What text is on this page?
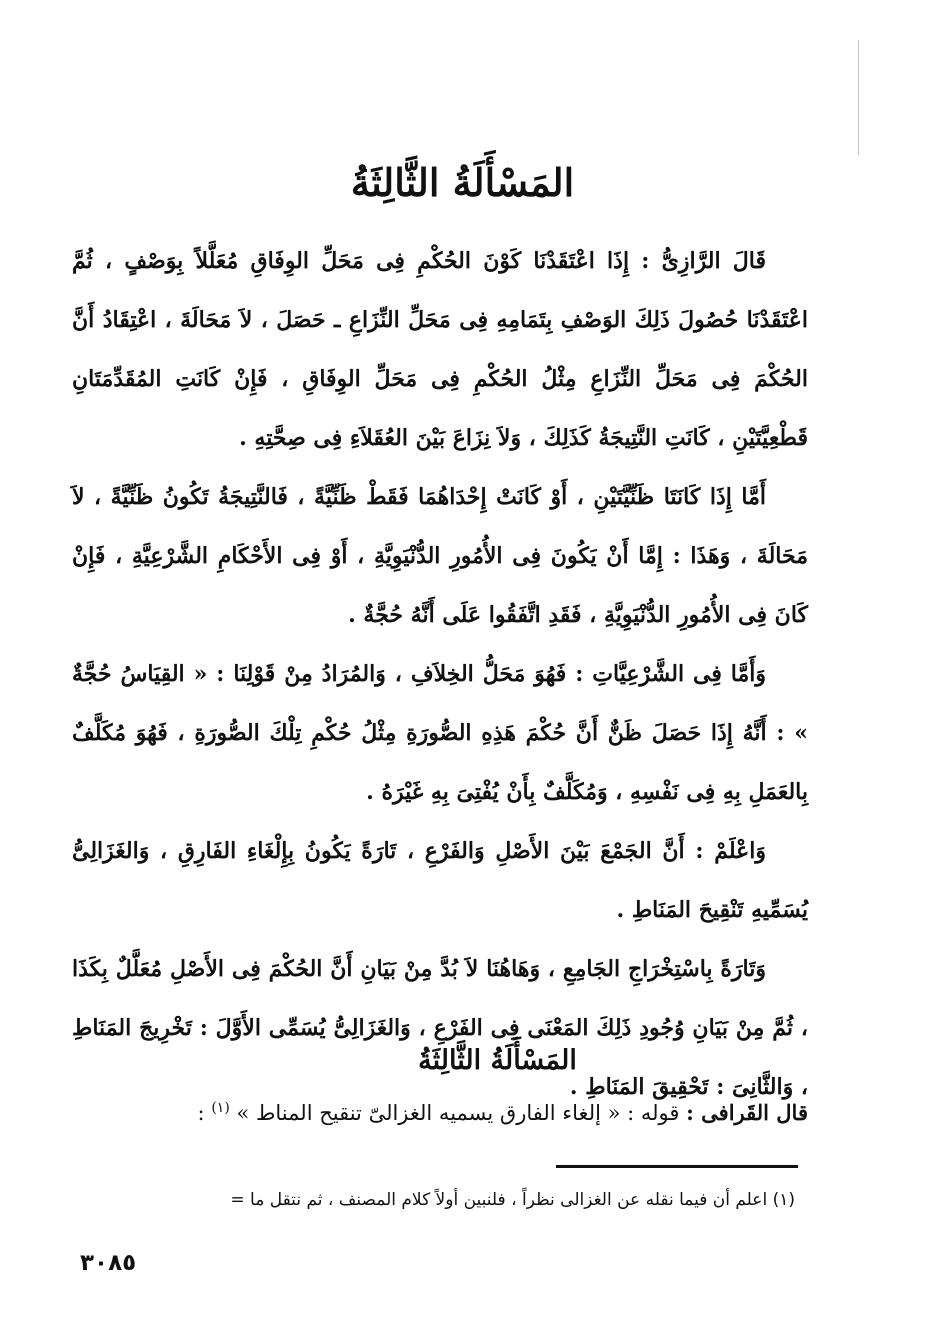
المَسْأَلَةُ الثَّالِثَةُ

قَالَ الرَّازِىُّ : إِذَا اعْتَقَدْنَا كَوْنَ الحُكْمِ فِى مَحَلِّ الوِفَاقِ مُعَلَّلاً بِوَصْفٍ ، ثُمَّ اعْتَقَدْنَا حُصُولَ ذَلِكَ الوَصْفِ بِتَمَامِهِ فِى مَحَلِّ النِّزَاعِ ـ حَصَلَ ، لاَ مَحَالَةَ ، اعْتِقَادُ أَنَّ الحُكْمَ فِى مَحَلِّ النِّزَاعِ مِثْلُ الحُكْمِ فِى مَحَلِّ الوِفَاقِ ، فَإِنْ كَانَتِ المُقَدِّمَتَانِ قَطْعِيَّتَيْنِ ، كَانَتِ النَّتِيجَةُ كَذَلِكَ ، وَلاَ نِزَاعَ بَيْنَ العُقَلاَءِ فِى صِحَّتِهِ .

أَمَّا إِذَا كَانَتَا ظَنِّيَّتَيْنِ ، أَوْ كَانَتْ إِحْدَاهُمَا فَقَطْ ظَنِّيَّةً ، فَالنَّتِيجَةُ تَكُونُ ظَنِّيَّةً ، لاَ مَحَالَةَ ، وَهَذَا : إِمَّا أَنْ يَكُونَ فِى الأُمُورِ الدُّنْيَوِيَّةِ ، أَوْ فِى الأَحْكَامِ الشَّرْعِيَّةِ ، فَإِنْ كَانَ فِى الأُمُورِ الدُّنْيَوِيَّةِ ، فَقَدِ اتَّفَقُوا عَلَى أَنَّهُ حُجَّةٌ .

وَأَمَّا فِى الشَّرْعِيَّاتِ : فَهُوَ مَحَلُّ الخِلاَفِ ، وَالمُرَادُ مِنْ قَوْلِنَا : « القِيَاسُ حُجَّةٌ » : أَنَّهُ إِذَا حَصَلَ ظَنٌّ أَنَّ حُكْمَ هَذِهِ الصُّورَةِ مِثْلُ حُكْمِ تِلْكَ الصُّورَةِ ، فَهُوَ مُكَلَّفٌ بِالعَمَلِ بِهِ فِى نَفْسِهِ ، وَمُكَلَّفٌ بِأَنْ يُفْتِىَ بِهِ غَيْرَهُ .

وَاعْلَمْ : أَنَّ الجَمْعَ بَيْنَ الأَصْلِ وَالفَرْعِ ، تَارَةً يَكُونُ بِإِلْغَاءِ الفَارِقِ ، وَالغَزَالِىُّ يُسَمِّيهِ تَنْقِيحَ المَنَاطِ .

وَتَارَةً بِاسْتِخْرَاجِ الجَامِعِ ، وَهَاهُنَا لاَ بُدَّ مِنْ بَيَانِ أَنَّ الحُكْمَ فِى الأَصْلِ مُعَلَّلٌ بِكَذَا ، ثُمَّ مِنْ بَيَانِ وُجُودِ ذَلِكَ المَعْنَى فِى الفَرْعِ ، وَالغَزَالِىُّ يُسَمِّى الأَوَّلَ : تَخْرِيجَ المَنَاطِ ، وَالثَّانِىَ : تَحْقِيقَ المَنَاطِ .

المَسْأَلَةُ الثَّالِثَةُ
قال القَرافى : قوله : « إلغاء الفارق يسميه الغزالىّ تنقيح المناط » $^{(١)}$ :
(١) اعلم أن فيما نقله عن الغزالى نظراً ، فلنبين أولاً كلام المصنف ، ثم نتقل ما =
٣٠٨٥
